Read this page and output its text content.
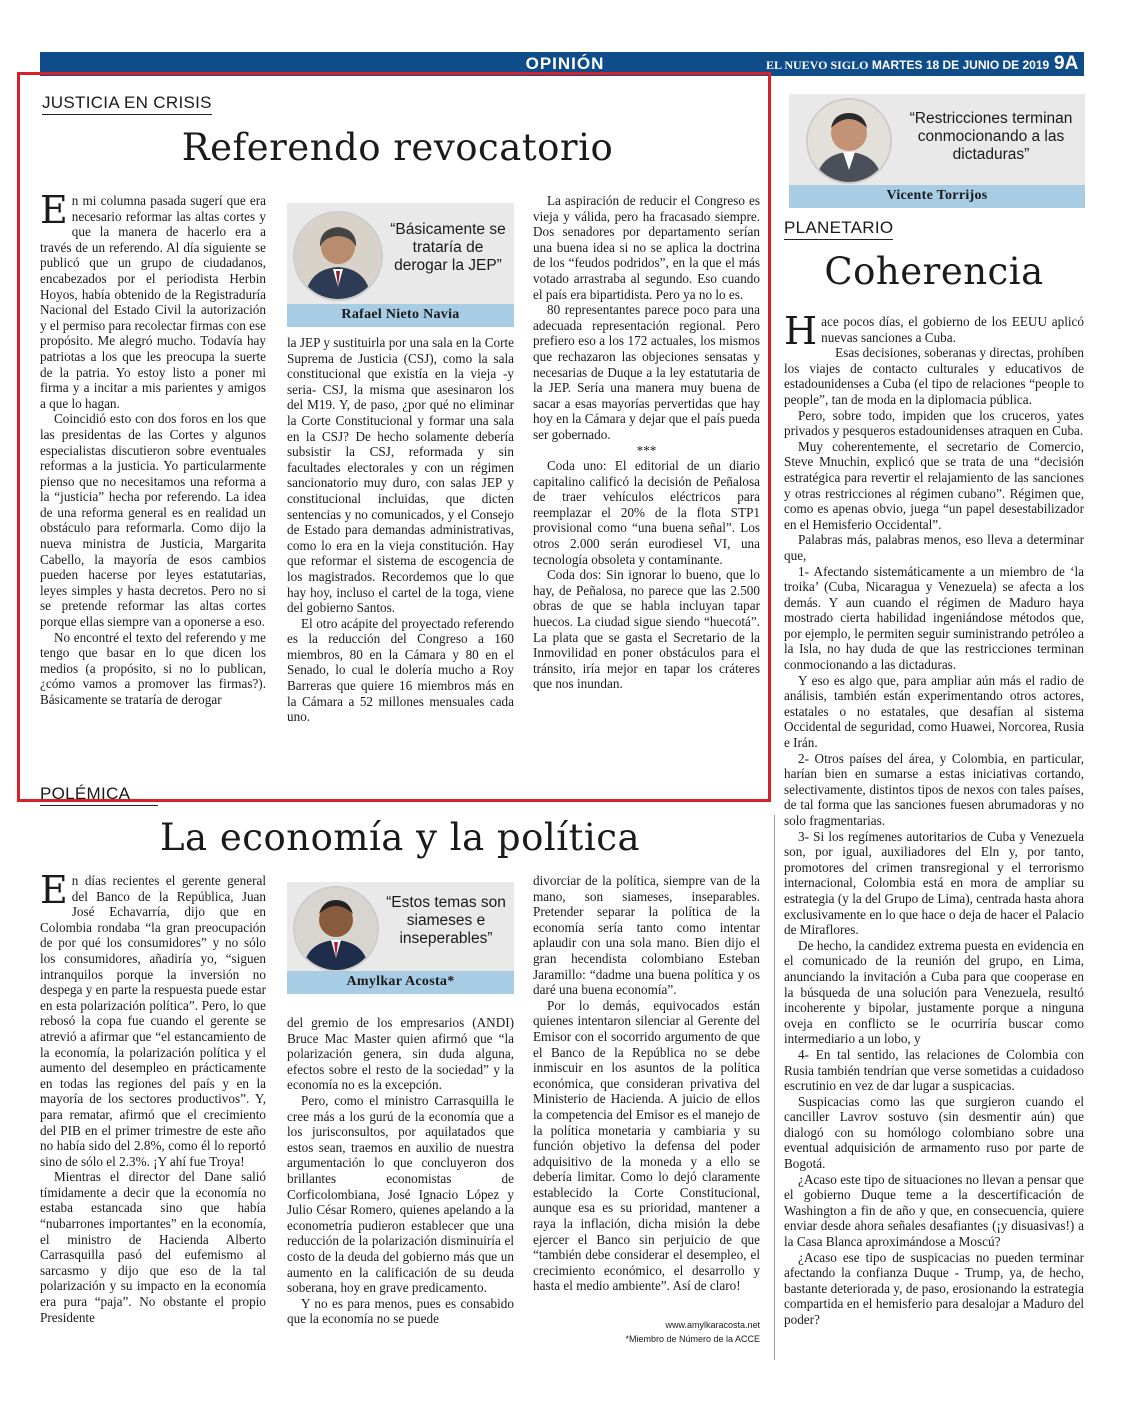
OPINIÓN	EL NUEVO SIGLO MARTES 18 DE JUNIO DE 2019 9A
JUSTICIA EN CRISIS
Referendo revocatorio

En mi columna pasada sugerí que era necesario reformar las altas cortes y que la manera de hacerlo era a través de un referendo. Al día siguiente se publicó que un grupo de ciudadanos, encabezados por el periodista Herbin Hoyos, había obtenido de la Registraduría Nacional del Estado Civil la autorización y el permiso para recolectar firmas con ese propósito. Me alegró mucho. Todavía hay patriotas a los que les preocupa la suerte de la patria. Yo estoy listo a poner mi firma y a incitar a mis parientes y amigos a que lo hagan.

Coincidió esto con dos foros en los que las presidentas de las Cortes y algunos especialistas discutieron sobre eventuales reformas a la justicia. Yo particularmente pienso que no necesitamos una reforma a la “justicia” hecha por referendo. La idea de una reforma general es en realidad un obstáculo para reformarla. Como dijo la nueva ministra de Justicia, Margarita Cabello, la mayoría de esos cambios pueden hacerse por leyes estatutarias, leyes simples y hasta decretos. Pero no si se pretende reformar las altas cortes porque ellas siempre van a oponerse a eso.

No encontré el texto del referendo y me tengo que basar en lo que dicen los medios (a propósito, si no lo publican, ¿cómo vamos a promover las firmas?). Básicamente se trataría de derogar

“Básicamente se trataría de derogar la JEP”
Rafael Nieto Navia

la JEP y sustituirla por una sala en la Corte Suprema de Justicia (CSJ), como la sala constitucional que existía en la vieja -y seria- CSJ, la misma que asesinaron los del M19. Y, de paso, ¿por qué no eliminar la Corte Constitucional y formar una sala en la CSJ? De hecho solamente debería subsistir la CSJ, reformada y sin facultades electorales y con un régimen sancionatorio muy duro, con salas JEP y constitucional incluidas, que dicten sentencias y no comunicados, y el Consejo de Estado para demandas administrativas, como lo era en la vieja constitución. Hay que reformar el sistema de escogencia de los magistrados. Recordemos que lo que hay hoy, incluso el cartel de la toga, viene del gobierno Santos.

El otro acápite del proyectado referendo es la reducción del Congreso a 160 miembros, 80 en la Cámara y 80 en el Senado, lo cual le dolería mucho a Roy Barreras que quiere 16 miembros más en la Cámara a 52 millones mensuales cada uno.

La aspiración de reducir el Congreso es vieja y válida, pero ha fracasado siempre. Dos senadores por departamento serían una buena idea si no se aplica la doctrina de los “feudos podridos”, en la que el más votado arrastraba al segundo. Eso cuando el país era bipartidista. Pero ya no lo es.

80 representantes parece poco para una adecuada representación regional. Pero prefiero eso a los 172 actuales, los mismos que rechazaron las objeciones sensatas y necesarias de Duque a la ley estatutaria de la JEP. Sería una manera muy buena de sacar a esas mayorías pervertidas que hay hoy en la Cámara y dejar que el país pueda ser gobernado.

***

Coda uno: El editorial de un diario capitalino calificó la decisión de Peñalosa de traer vehículos eléctricos para reemplazar el 20% de la flota STP1 provisional como “una buena señal”. Los otros 2.000 serán eurodiesel VI, una tecnología obsoleta y contaminante.

Coda dos: Sin ignorar lo bueno, que lo hay, de Peñalosa, no parece que las 2.500 obras de que se habla incluyan tapar huecos. La ciudad sigue siendo “huecotá”. La plata que se gasta el Secretario de la Inmovilidad en poner obstáculos para el tránsito, iría mejor en tapar los cráteres que nos inundan.

POLÉMICA
La economía y la política

En días recientes el gerente general del Banco de la República, Juan José Echavarría, dijo que en Colombia rondaba “la gran preocupación de por qué los consumidores” y no sólo los consumidores, añadiría yo, “siguen intranquilos porque la inversión no despega y en parte la respuesta puede estar en esta polarización política”. Pero, lo que rebosó la copa fue cuando el gerente se atrevió a afirmar que “el estancamiento de la economía, la polarización política y el aumento del desempleo en prácticamente en todas las regiones del país y en la mayoría de los sectores productivos”. Y, para rematar, afirmó que el crecimiento del PIB en el primer trimestre de este año no había sido del 2.8%, como él lo reportó sino de sólo el 2.3%. ¡Y ahí fue Troya!

Mientras el director del Dane salió tímidamente a decir que la economía no estaba estancada sino que había “nubarrones importantes” en la economía, el ministro de Hacienda Alberto Carrasquilla pasó del eufemismo al sarcasmo y dijo que eso de la tal polarización y su impacto en la economía era pura “paja”. No obstante el propio Presidente

“Estos temas son siameses e inseperables”
Amylkar Acosta*

del gremio de los empresarios (ANDI) Bruce Mac Master quien afirmó que “la polarización genera, sin duda alguna, efectos sobre el resto de la sociedad” y la economía no es la excepción.

Pero, como el ministro Carrasquilla le cree más a los gurú de la economía que a los jurisconsultos, por aquilatados que estos sean, traemos en auxilio de nuestra argumentación lo que concluyeron dos brillantes economistas de Corficolombiana, José Ignacio López y Julio César Romero, quienes apelando a la econometría pudieron establecer que una reducción de la polarización disminuiría el costo de la deuda del gobierno más que un aumento en la calificación de su deuda soberana, hoy en grave predicamento.

Y no es para menos, pues es consabido que la economía no se puede

divorciar de la política, siempre van de la mano, son siameses, inseparables. Pretender separar la política de la economía sería tanto como intentar aplaudir con una sola mano. Bien dijo el gran hecendista colombiano Esteban Jaramillo: “dadme una buena política y os daré una buena economía”.

Por lo demás, equivocados están quienes intentaron silenciar al Gerente del Emisor con el socorrido argumento de que el Banco de la República no se debe inmiscuir en los asuntos de la política económica, que consideran privativa del Ministerio de Hacienda. A juicio de ellos la competencia del Emisor es el manejo de la política monetaria y cambiaria y su función objetivo la defensa del poder adquisitivo de la moneda y a ello se debería limitar. Como lo dejó claramente establecido la Corte Constitucional, aunque esa es su prioridad, mantener a raya la inflación, dicha misión la debe ejercer el Banco sin perjuicio de que “también debe considerar el desempleo, el crecimiento económico, el desarrollo y hasta el medio ambiente”. Así de claro!

www.amylkaracosta.net
*Miembro de Número de la ACCE
“Restricciones terminan conmocionando a las dictaduras”
Vicente Torrijos
PLANETARIO
Coherencia

Hace pocos días, el gobierno de los EEUU aplicó nuevas sanciones a Cuba.

Esas decisiones, soberanas y directas, prohíben los viajes de contacto culturales y educativos de estadounidenses a Cuba (el tipo de relaciones “people to people”, tan de moda en la diplomacia pública.

Pero, sobre todo, impiden que los cruceros, yates privados y pesqueros estadounidenses atraquen en Cuba.

Muy coherentemente, el secretario de Comercio, Steve Mnuchin, explicó que se trata de una “decisión estratégica para revertir el relajamiento de las sanciones y otras restricciones al régimen cubano”. Régimen que, como es apenas obvio, juega “un papel desestabilizador en el Hemisferio Occidental”.

Palabras más, palabras menos, eso lleva a determinar que,

1- Afectando sistemáticamente a un miembro de ‘la troika’ (Cuba, Nicaragua y Venezuela) se afecta a los demás. Y aun cuando el régimen de Maduro haya mostrado cierta habilidad ingeniándose métodos que, por ejemplo, le permiten seguir suministrando petróleo a la Isla, no hay duda de que las restricciones terminan conmocionando a las dictaduras.

Y eso es algo que, para ampliar aún más el radio de análisis, también están experimentando otros actores, estatales o no estatales, que desafían al sistema Occidental de seguridad, como Huawei, Norcorea, Rusia e Irán.

2- Otros países del área, y Colombia, en particular, harían bien en sumarse a estas iniciativas cortando, selectivamente, distintos tipos de nexos con tales países, de tal forma que las sanciones fuesen abrumadoras y no solo fragmentarias.

3- Si los regímenes autoritarios de Cuba y Venezuela son, por igual, auxiliadores del Eln y, por tanto, promotores del crimen transregional y el terrorismo internacional, Colombia está en mora de ampliar su estrategia (y la del Grupo de Lima), centrada hasta ahora exclusivamente en lo que hace o deja de hacer el Palacio de Miraflores.

De hecho, la candidez extrema puesta en evidencia en el comunicado de la reunión del grupo, en Lima, anunciando la invitación a Cuba para que cooperase en la búsqueda de una solución para Venezuela, resultó incoherente y bipolar, justamente porque a ninguna oveja en conflicto se le ocurriría buscar como intermediario a un lobo, y

4- En tal sentido, las relaciones de Colombia con Rusia también tendrían que verse sometidas a cuidadoso escrutinio en vez de dar lugar a suspicacias.

Suspicacias como las que surgieron cuando el canciller Lavrov sostuvo (sin desmentir aún) que dialogó con su homólogo colombiano sobre una eventual adquisición de armamento ruso por parte de Bogotá.

¿Acaso este tipo de situaciones no llevan a pensar que el gobierno Duque teme a la descertificación de Washington a fin de año y que, en consecuencia, quiere enviar desde ahora señales desafiantes (¡y disuasivas!) a la Casa Blanca aproximándose a Moscú?

¿Acaso ese tipo de suspicacias no pueden terminar afectando la confianza Duque - Trump, ya, de hecho, bastante deteriorada y, de paso, erosionando la estrategia compartida en el hemisferio para desalojar a Maduro del poder?
